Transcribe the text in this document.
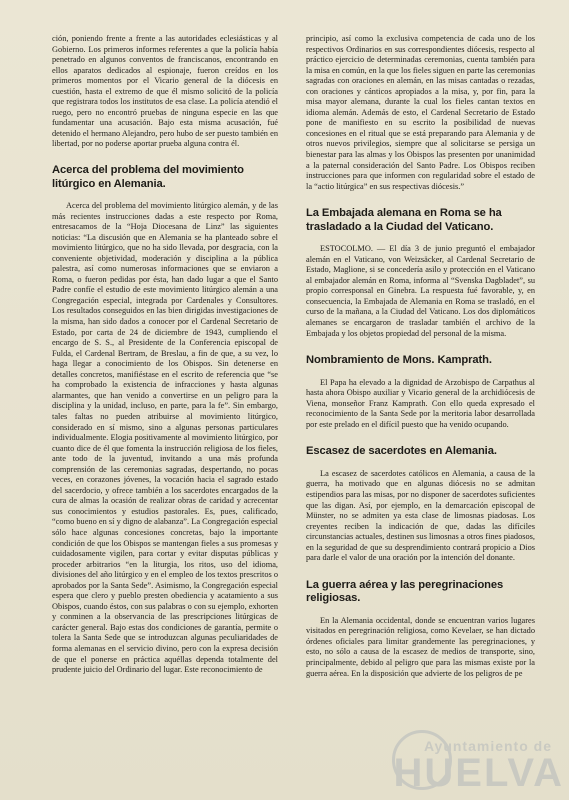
ción, poniendo frente a frente a las autoridades eclesiásticas y al Gobierno. Los primeros informes referentes a que la policía había penetrado en algunos conventos de franciscanos, encontrando en ellos aparatos dedicados al espionaje, fueron creídos en los primeros momentos por el Vicario general de la diócesis en cuestión, hasta el extremo de que él mismo solicitó de la policía que registrara todos los institutos de esa clase. La policía atendió el ruego, pero no encontró pruebas de ninguna especie en las que fundamentar una acusación. Bajo esta misma acusación, fué detenido el hermano Alejandro, pero hubo de ser puesto también en libertad, por no poderse aportar prueba alguna contra él.

Acerca del problema del movimiento litúrgico en Alemania.

Acerca del problema del movimiento litúrgico alemán, y de las más recientes instrucciones dadas a este respecto por Roma, entresacamos de la “Hoja Diocesana de Linz” las siguientes noticias: “La discusión que en Alemania se ha planteado sobre el movimiento litúrgico, que no ha sido llevada, por desgracia, con la conveniente objetividad, moderación y disciplina a la pública palestra, así como numerosas informaciones que se enviaron a Roma, o fueron pedidas por ésta, han dado lugar a que el Santo Padre confíe el estudio de este movimiento litúrgico alemán a una Congregación especial, integrada por Cardenales y Consultores. Los resultados conseguidos en las bien dirigidas investigaciones de la misma, han sido dados a conocer por el Cardenal Secretario de Estado, por carta de 24 de diciembre de 1943, cumpliendo el encargo de S. S., al Presidente de la Conferencia episcopal de Fulda, el Cardenal Bertram, de Breslau, a fin de que, a su vez, lo haga llegar a conocimiento de los Obispos. Sin detenerse en detalles concretos, manifiéstase en el escrito de referencia que “se ha comprobado la existencia de infracciones y hasta algunas alarmantes, que han venido a convertirse en un peligro para la disciplina y la unidad, incluso, en parte, para la fe”. Sin embargo, tales faltas no pueden atribuirse al movimiento litúrgico, considerado en sí mismo, sino a algunas personas particulares individualmente. Elogia positivamente al movimiento litúrgico, por cuanto dice de él que fomenta la instrucción religiosa de los fieles, ante todo de la juventud, invitando a una más profunda comprensión de las ceremonias sagradas, despertando, no pocas veces, en corazones jóvenes, la vocación hacia el sagrado estado del sacerdocio, y ofrece también a los sacerdotes encargados de la cura de almas la ocasión de realizar obras de caridad y acrecentar sus conocimientos y estudios pastorales. Es, pues, calificado, “como bueno en sí y digno de alabanza”. La Congregación especial sólo hace algunas concesiones concretas, bajo la importante condición de que los Obispos se mantengan fieles a sus promesas y cuidadosamente vigilen, para cortar y evitar disputas públicas y proceder arbitrarios “en la liturgia, los ritos, uso del idioma, divisiones del año litúrgico y en el empleo de los textos prescritos o aprobados por la Santa Sede”. Asimismo, la Congregación especial espera que clero y pueblo presten obediencia y acatamiento a sus Obispos, cuando éstos, con sus palabras o con su ejemplo, exhorten y conminen a la observancia de las prescripciones litúrgicas de carácter general. Bajo estas dos condiciones de garantía, permite o tolera la Santa Sede que se introduzcan algunas peculiaridades de forma alemanas en el servicio divino, pero con la expresa decisión de que el ponerse en práctica aquéllas dependa totalmente del prudente juicio del Ordinario del lugar. Este reconocimiento de

principio, así como la exclusiva competencia de cada uno de los respectivos Ordinarios en sus correspondientes diócesis, respecto al práctico ejercicio de determinadas ceremonias, cuenta también para la misa en común, en la que los fieles siguen en parte las ceremonias sagradas con oraciones en alemán, en las misas cantadas o rezadas, con oraciones y cánticos apropiados a la misa, y, por fin, para la misa mayor alemana, durante la cual los fieles cantan textos en idioma alemán. Además de esto, el Cardenal Secretario de Estado pone de manifiesto en su escrito la posibilidad de nuevas concesiones en el ritual que se está preparando para Alemania y de otros nuevos privilegios, siempre que al solicitarse se persiga un bienestar para las almas y los Obispos las presenten por unanimidad a la paternal consideración del Santo Padre. Los Obispos reciben instrucciones para que informen con regularidad sobre el estado de la “actio litúrgica” en sus respectivas diócesis.”

La Embajada alemana en Roma se ha trasladado a la Ciudad del Vaticano.

ESTOCOLMO. — El día 3 de junio preguntó el embajador alemán en el Vaticano, von Weizsäcker, al Cardenal Secretario de Estado, Maglione, si se concedería asilo y protección en el Vaticano al embajador alemán en Roma, informa al “Svenska Dagbladet”, su propio corresponsal en Ginebra. La respuesta fué favorable, y, en consecuencia, la Embajada de Alemania en Roma se trasladó, en el curso de la mañana, a la Ciudad del Vaticano. Los dos diplomáticos alemanes se encargaron de trasladar también el archivo de la Embajada y los objetos propiedad del personal de la misma.

Nombramiento de Mons. Kamprath.

El Papa ha elevado a la dignidad de Arzobispo de Carpathus al hasta ahora Obispo auxiliar y Vicario general de la archidiócesis de Viena, monseñor Franz Kamprath. Con ello queda expresado el reconocimiento de la Santa Sede por la meritoria labor desarrollada por este prelado en el difícil puesto que ha venido ocupando.

Escasez de sacerdotes en Alemania.

La escasez de sacerdotes católicos en Alemania, a causa de la guerra, ha motivado que en algunas diócesis no se admitan estipendios para las misas, por no disponer de sacerdotes suficientes que las digan. Así, por ejemplo, en la demarcación episcopal de Münster, no se admiten ya esta clase de limosnas piadosas. Los creyentes reciben la indicación de que, dadas las difíciles circunstancias actuales, destinen sus limosnas a otros fines piadosos, en la seguridad de que su desprendimiento contrará propicio a Dios para darle el valor de una oración por la intención del donante.

La guerra aérea y las peregrinaciones religiosas.

En la Alemania occidental, donde se encuentran varios lugares visitados en peregrinación religiosa, como Kevelaer, se han dictado órdenes oficiales para limitar grandemente las peregrinaciones, y esto, no sólo a causa de la escasez de medios de transporte, sino, principalmente, debido al peligro que para las mismas existe por la guerra aérea. En la disposición que advierte de los peligros de pe

Ayuntamiento de
HUELVA
